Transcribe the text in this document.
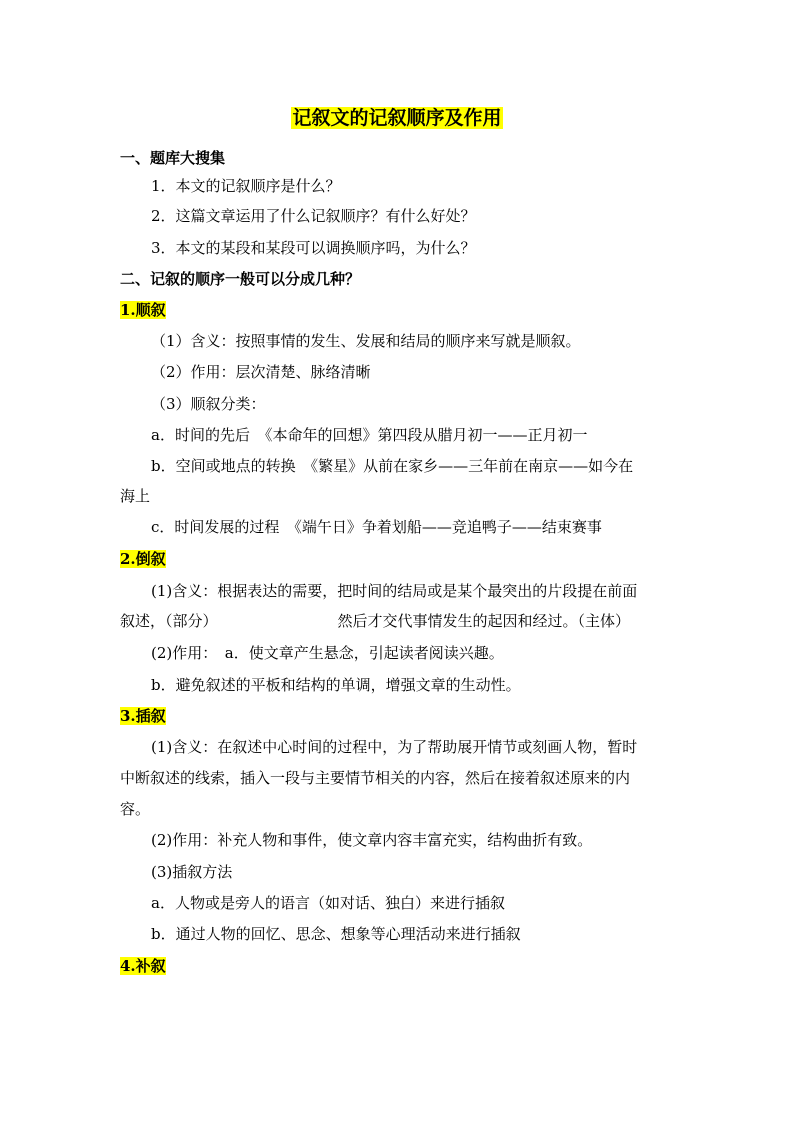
记叙文的记叙顺序及作用
一、题库大搜集
1．本文的记叙顺序是什么？
2．这篇文章运用了什么记叙顺序？有什么好处？
3．本文的某段和某段可以调换顺序吗，为什么？
二、记叙的顺序一般可以分成几种？
1.顺叙
（1）含义：按照事情的发生、发展和结局的顺序来写就是顺叙。
（2）作用：层次清楚、脉络清晰
（3）顺叙分类：
a．时间的先后　《本命年的回想》第四段从腊月初一——正月初一
b．空间或地点的转换　《繁星》从前在家乡——三年前在南京——如今在
海上
c．时间发展的过程　《端午日》争着划船——竞追鸭子——结束赛事
2.倒叙
(1)含义：根据表达的需要，把时间的结局或是某个最突出的片段提在前面
叙述，（部分）	然后才交代事情发生的起因和经过。（主体）
(2)作用：　a．使文章产生悬念，引起读者阅读兴趣。
b．避免叙述的平板和结构的单调，增强文章的生动性。
3.插叙
(1)含义：在叙述中心时间的过程中，为了帮助展开情节或刻画人物，暂时
中断叙述的线索，插入一段与主要情节相关的内容，然后在接着叙述原来的内
容。
(2)作用：补充人物和事件，使文章内容丰富充实，结构曲折有致。
(3)插叙方法
a．人物或是旁人的语言（如对话、独白）来进行插叙
b．通过人物的回忆、思念、想象等心理活动来进行插叙
4.补叙
